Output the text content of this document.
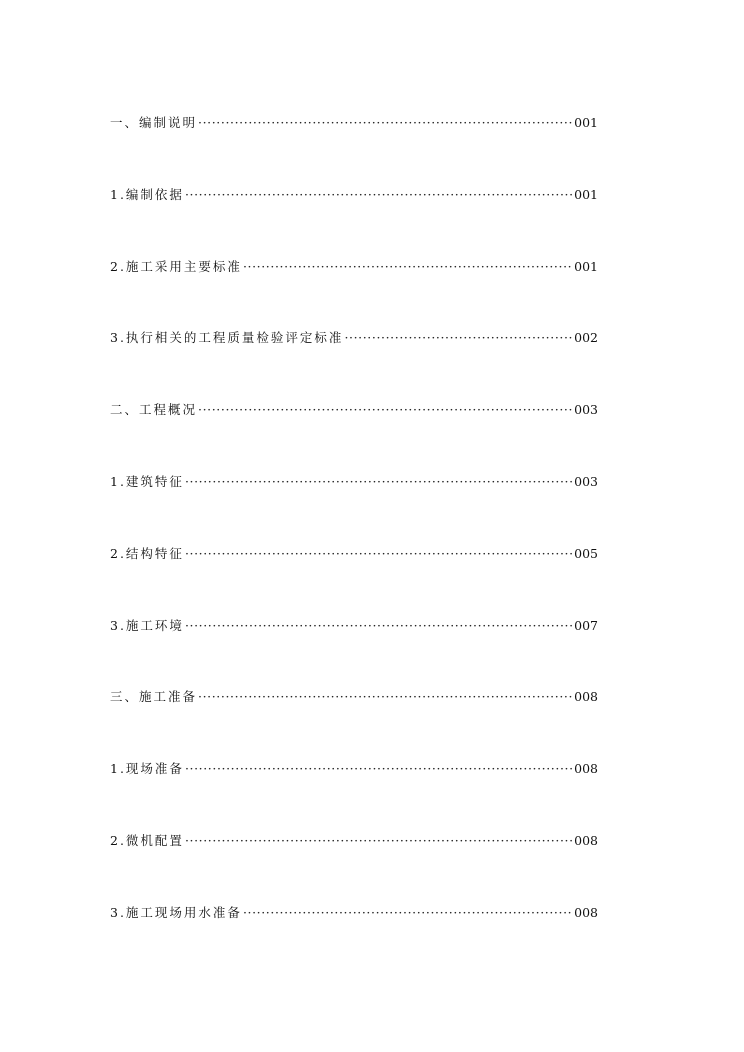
一、编制说明 ·····	001
1.编制依据 ·····	001
2.施工采用主要标准 ·····	001
3.执行相关的工程质量检验评定标准 ·····	002
二、工程概况 ·····	003
1.建筑特征 ·····	003
2.结构特征 ·····	005
3.施工环境 ·····	007
三、施工准备 ·····	008
1.现场准备 ·····	008
2.微机配置 ·····	008
3.施工现场用水准备 ·····	008
